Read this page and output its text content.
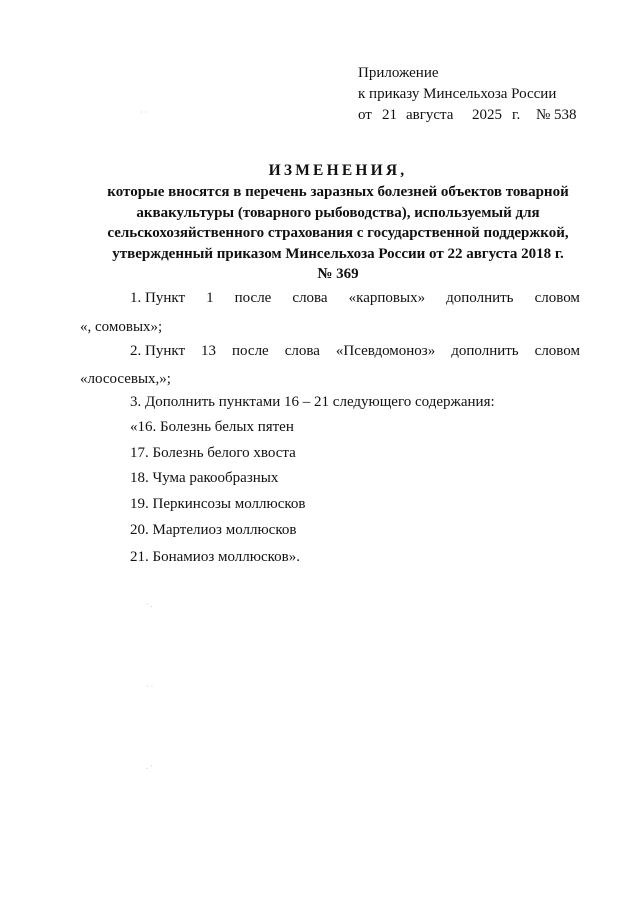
Приложение
к приказу Минсельхоза России
от 21 августа	2025 г.	№ 538
ИЗМЕНЕНИЯ,
которые вносятся в перечень заразных болезней объектов товарной
аквакультуры (товарного рыбоводства), используемый для
сельскохозяйственного страхования с государственной поддержкой,
утвержденный приказом Минсельхоза России от 22 августа 2018 г.
№ 369
1. Пункт 1 после слова «карповых» дополнить словом
«, сомовых»;
2. Пункт 13 после слова «Псевдомоноз» дополнить словом
«лососевых,»;
3. Дополнить пунктами 16 – 21 следующего содержания:
«16. Болезнь белых пятен
17. Болезнь белого хвоста
18. Чума ракообразных
19. Перкинсозы моллюсков
20. Мартелиоз моллюсков
21. Бонамиоз моллюсков».
· ·
· .
· ·
. ·
